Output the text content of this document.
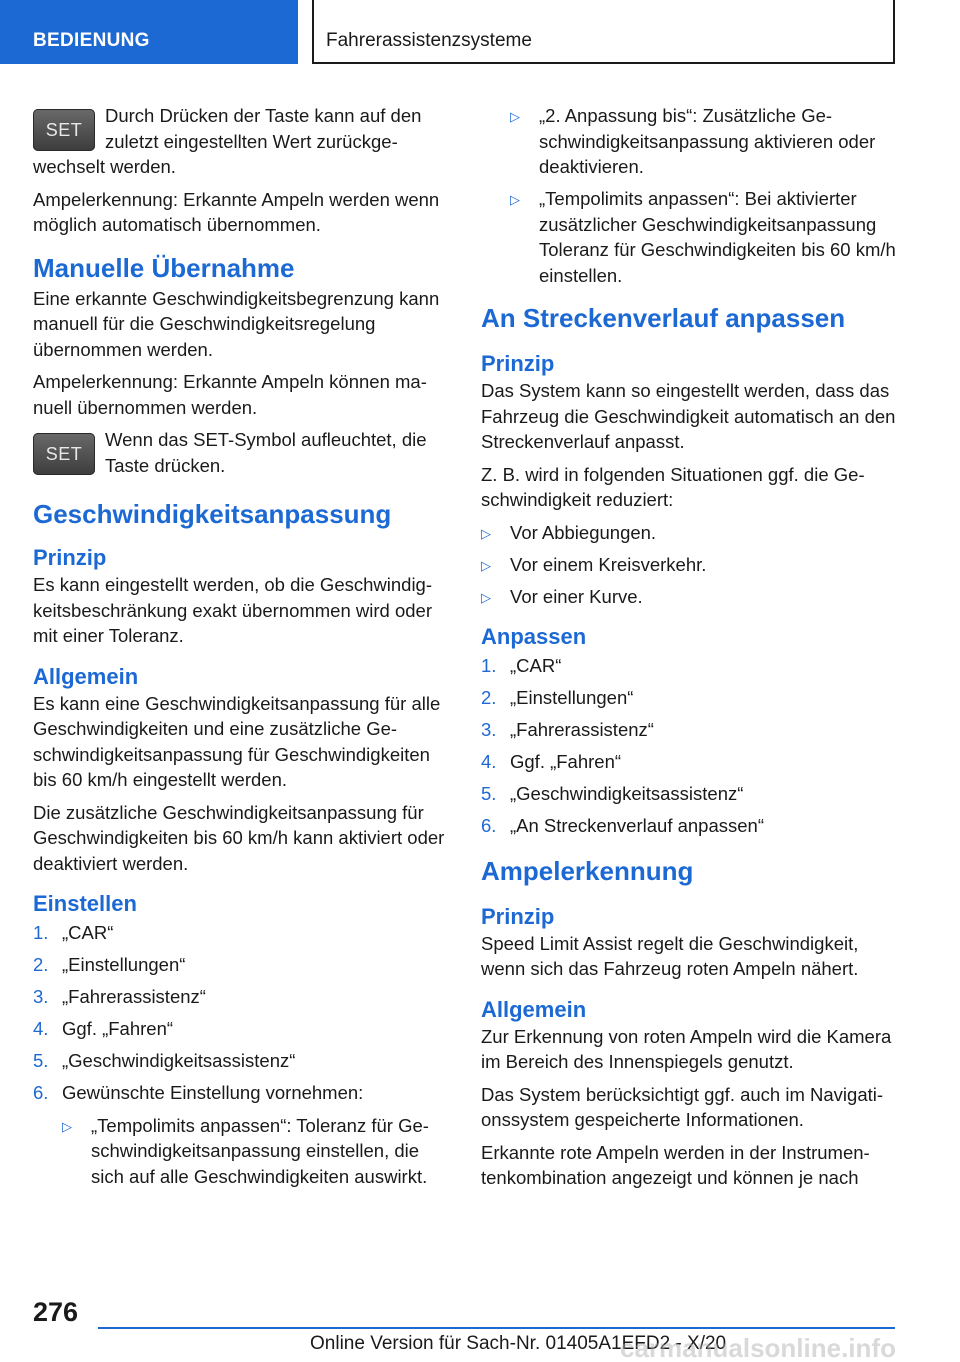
BEDIENUNG	Fahrerassistenzsysteme
SET

Durch Drücken der Taste kann auf den zuletzt eingestellten Wert zurückgewechselt werden.

Ampelerkennung: Erkannte Ampeln werden wenn möglich automatisch übernommen.

Manuelle Übernahme

Eine erkannte Geschwindigkeitsbegrenzung kann manuell für die Geschwindigkeitsregelung übernommen werden.

Ampelerkennung: Erkannte Ampeln können manuell übernommen werden.

SET

Wenn das SET-Symbol aufleuchtet, die Taste drücken.

Geschwindigkeitsanpassung
Prinzip

Es kann eingestellt werden, ob die Geschwindigkeitsbeschränkung exakt übernommen wird oder mit einer Toleranz.

Allgemein

Es kann eine Geschwindigkeitsanpassung für alle Geschwindigkeiten und eine zusätzliche Geschwindigkeitsanpassung für Geschwindigkeiten bis 60 km/h eingestellt werden.

Die zusätzliche Geschwindigkeitsanpassung für Geschwindigkeiten bis 60 km/h kann aktiviert oder deaktiviert werden.

Einstellen
1. „CAR“
2. „Einstellungen“
3. „Fahrerassistenz“
4. Ggf. „Fahren“
5. „Geschwindigkeitsassistenz“
6. Gewünschte Einstellung vornehmen:
▷ „Tempolimits anpassen“: Toleranz für Geschwindigkeitsanpassung einstellen, die sich auf alle Geschwindigkeiten auswirkt.
▷ „2. Anpassung bis“: Zusätzliche Geschwindigkeitsanpassung aktivieren oder deaktivieren.
▷ „Tempolimits anpassen“: Bei aktivierter zusätzlicher Geschwindigkeitsanpassung Toleranz für Geschwindigkeiten bis 60 km/h einstellen.
An Streckenverlauf anpassen
Prinzip

Das System kann so eingestellt werden, dass das Fahrzeug die Geschwindigkeit automatisch an den Streckenverlauf anpasst.

Z. B. wird in folgenden Situationen ggf. die Geschwindigkeit reduziert:

▷ Vor Abbiegungen.
▷ Vor einem Kreisverkehr.
▷ Vor einer Kurve.
Anpassen
1. „CAR“
2. „Einstellungen“
3. „Fahrerassistenz“
4. Ggf. „Fahren“
5. „Geschwindigkeitsassistenz“
6. „An Streckenverlauf anpassen“
Ampelerkennung
Prinzip

Speed Limit Assist regelt die Geschwindigkeit, wenn sich das Fahrzeug roten Ampeln nähert.

Allgemein

Zur Erkennung von roten Ampeln wird die Kamera im Bereich des Innenspiegels genutzt.

Das System berücksichtigt ggf. auch im Navigationssystem gespeicherte Informationen.

Erkannte rote Ampeln werden in der Instrumentenkombination angezeigt und können je nach

276
Online Version für Sach-Nr. 01405A1EFD2 - X/20
carmanualsonline.info
